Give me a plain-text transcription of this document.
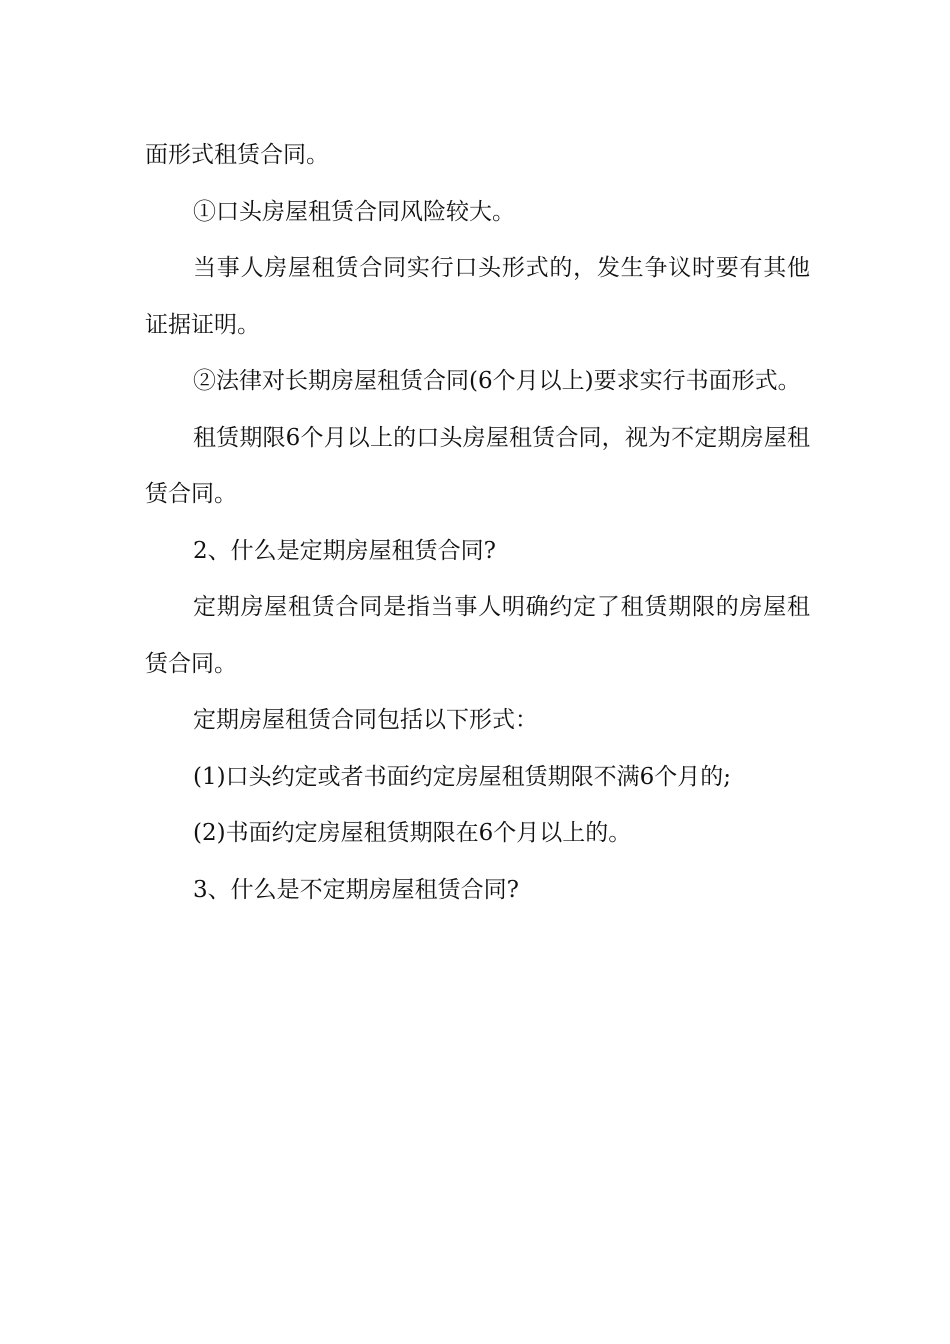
面形式租赁合同。

①口头房屋租赁合同风险较大。

当事人房屋租赁合同实行口头形式的，发生争议时要有其他证据证明。

②法律对长期房屋租赁合同(6个月以上)要求实行书面形式。

租赁期限6个月以上的口头房屋租赁合同，视为不定期房屋租赁合同。

2、什么是定期房屋租赁合同?

定期房屋租赁合同是指当事人明确约定了租赁期限的房屋租赁合同。

定期房屋租赁合同包括以下形式：

(1)口头约定或者书面约定房屋租赁期限不满6个月的;

(2)书面约定房屋租赁期限在6个月以上的。

3、什么是不定期房屋租赁合同?
